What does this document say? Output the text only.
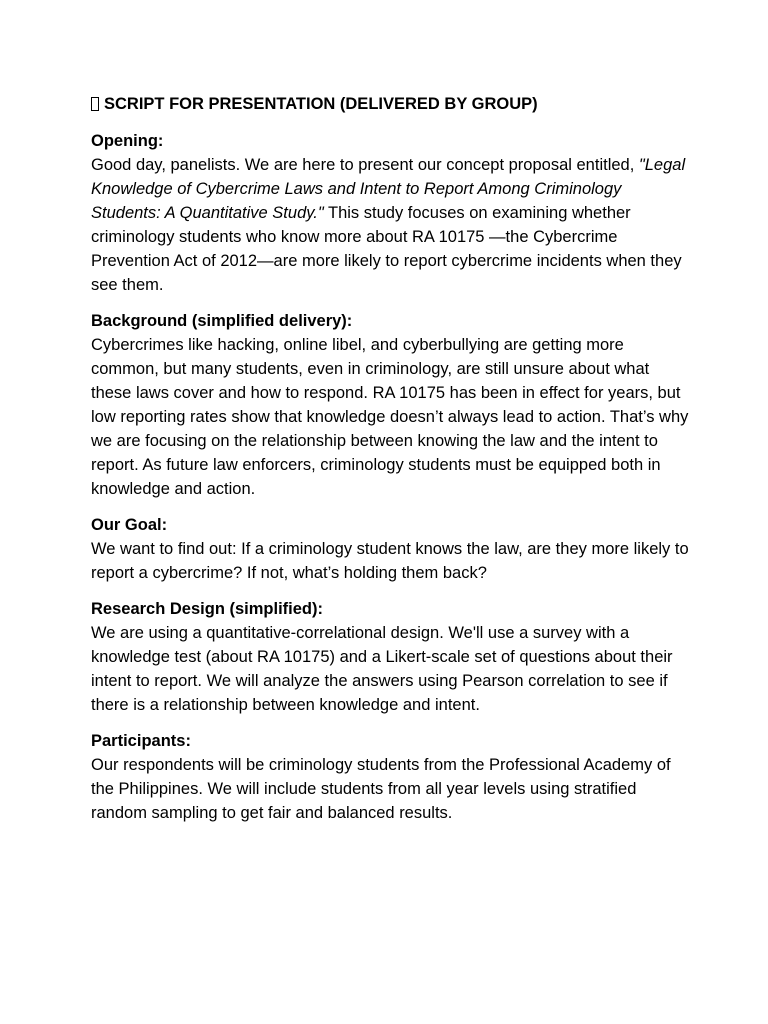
SCRIPT FOR PRESENTATION (DELIVERED BY GROUP)

Opening:

Good day, panelists. We are here to present our concept proposal entitled, "Legal Knowledge of Cybercrime Laws and Intent to Report Among Criminology Students: A Quantitative Study." This study focuses on examining whether criminology students who know more about RA 10175 —the Cybercrime Prevention Act of 2012—are more likely to report cybercrime incidents when they see them.

Background (simplified delivery):

Cybercrimes like hacking, online libel, and cyberbullying are getting more common, but many students, even in criminology, are still unsure about what these laws cover and how to respond. RA 10175 has been in effect for years, but low reporting rates show that knowledge doesn’t always lead to action. That’s why we are focusing on the relationship between knowing the law and the intent to report. As future law enforcers, criminology students must be equipped both in knowledge and action.

Our Goal:

We want to find out: If a criminology student knows the law, are they more likely to report a cybercrime? If not, what’s holding them back?

Research Design (simplified):

We are using a quantitative-correlational design. We'll use a survey with a knowledge test (about RA 10175) and a Likert-scale set of questions about their intent to report. We will analyze the answers using Pearson correlation to see if there is a relationship between knowledge and intent.

Participants:

Our respondents will be criminology students from the Professional Academy of the Philippines. We will include students from all year levels using stratified random sampling to get fair and balanced results.
